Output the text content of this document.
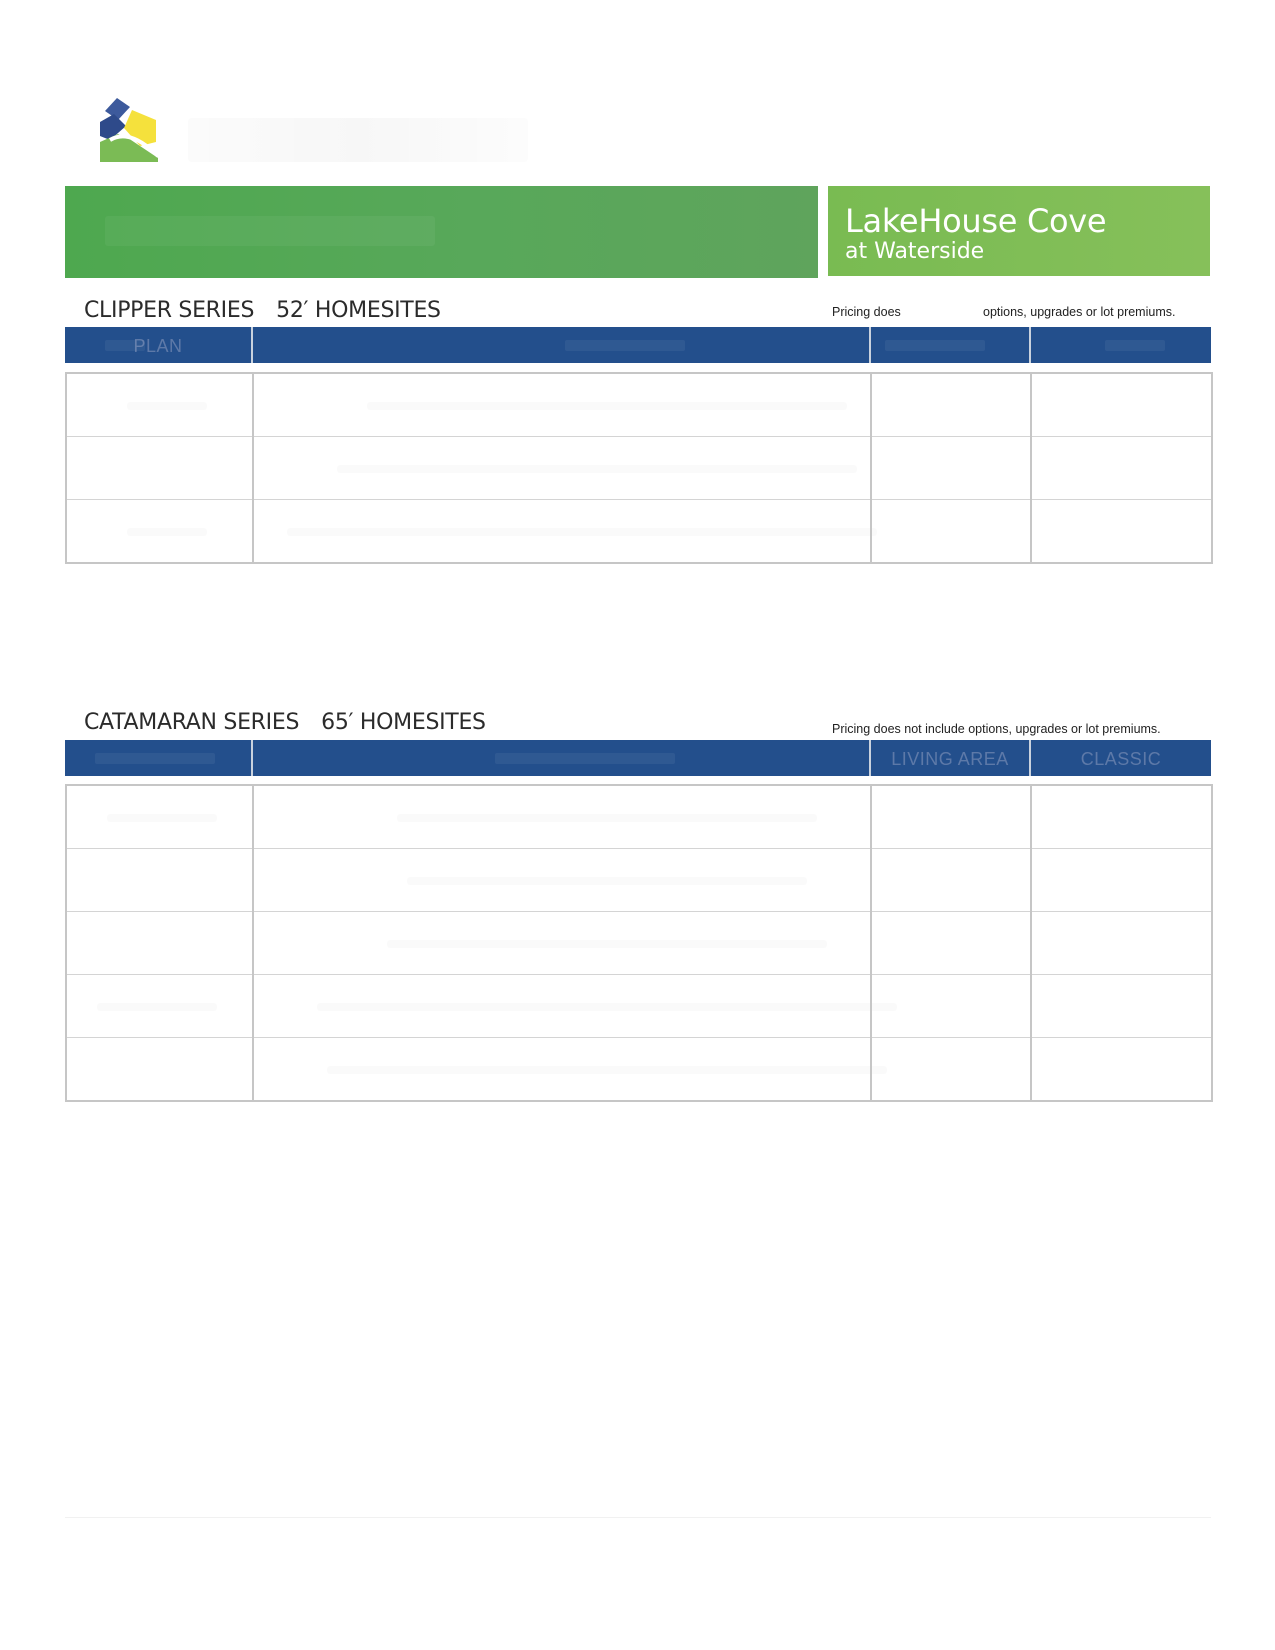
LakeHouse Cove
at Waterside
CLIPPER SERIES 52′ HOMESITES	Pricing does	options, upgrades or lot premiums.
PLAN
CATAMARAN SERIES 65′ HOMESITES	Pricing does not include options, upgrades or lot premiums.
LIVING AREA	CLASSIC
